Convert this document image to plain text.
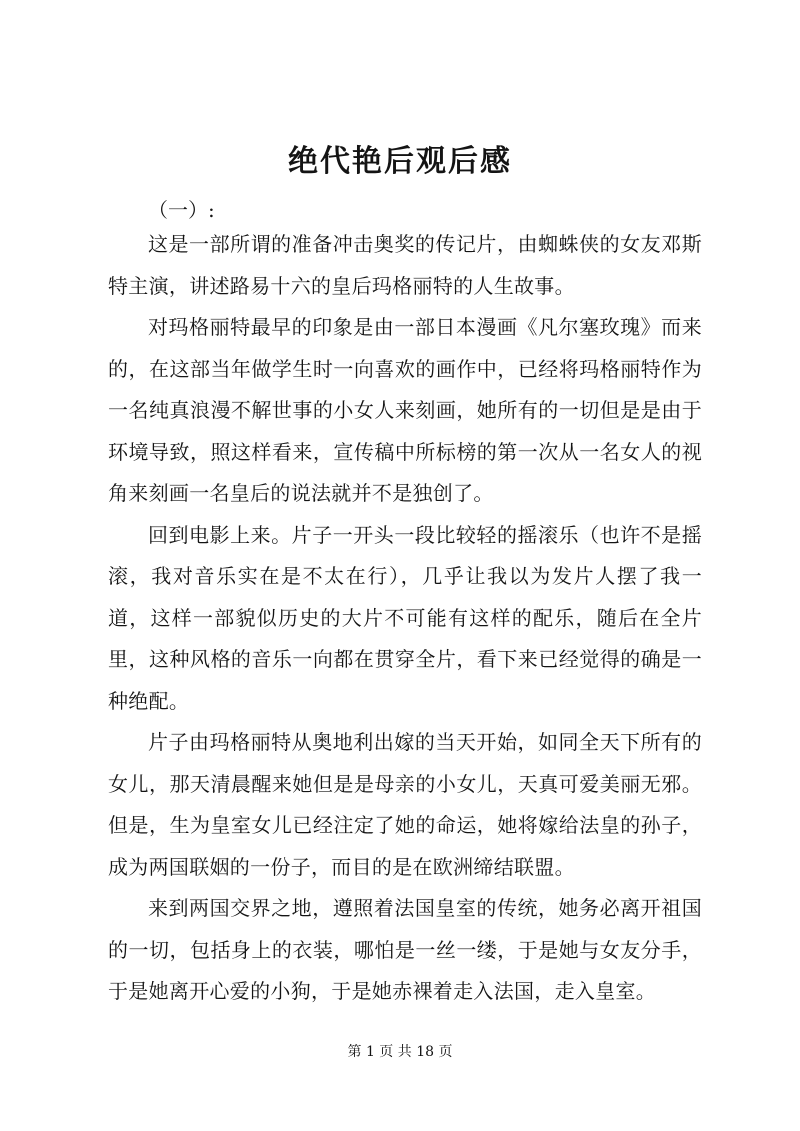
绝代艳后观后感
（一）:

这是一部所谓的准备冲击奥奖的传记片，由蜘蛛侠的女友邓斯特主演，讲述路易十六的皇后玛格丽特的人生故事。

对玛格丽特最早的印象是由一部日本漫画《凡尔塞玫瑰》而来的，在这部当年做学生时一向喜欢的画作中，已经将玛格丽特作为一名纯真浪漫不解世事的小女人来刻画，她所有的一切但是是由于环境导致，照这样看来，宣传稿中所标榜的第一次从一名女人的视角来刻画一名皇后的说法就并不是独创了。

回到电影上来。片子一开头一段比较轻的摇滚乐（也许不是摇滚，我对音乐实在是不太在行），几乎让我以为发片人摆了我一道，这样一部貌似历史的大片不可能有这样的配乐，随后在全片里，这种风格的音乐一向都在贯穿全片，看下来已经觉得的确是一种绝配。

片子由玛格丽特从奥地利出嫁的当天开始，如同全天下所有的女儿，那天清晨醒来她但是是母亲的小女儿，天真可爱美丽无邪。但是，生为皇室女儿已经注定了她的命运，她将嫁给法皇的孙子，成为两国联姻的一份子，而目的是在欧洲缔结联盟。

来到两国交界之地，遵照着法国皇室的传统，她务必离开祖国的一切，包括身上的衣装，哪怕是一丝一缕，于是她与女友分手，于是她离开心爱的小狗，于是她赤裸着走入法国，走入皇室。

第 1 页 共 18 页
